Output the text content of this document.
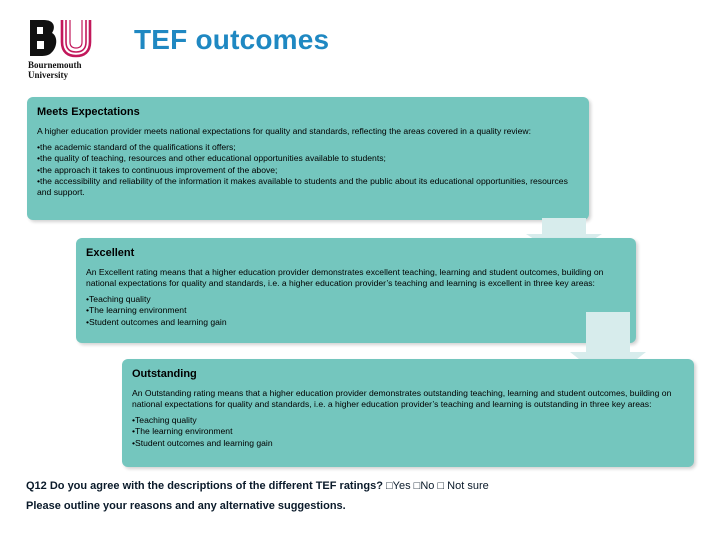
Bournemouth
University
TEF outcomes
Meets Expectations

A higher education provider meets national expectations for quality and standards, reflecting the areas covered in a quality review:

• the academic standard of the qualifications it offers;
• the quality of teaching, resources and other educational opportunities available to students;
• the approach it takes to continuous improvement of the above;
• the accessibility and reliability of the information it makes available to students and the public about its educational opportunities, resources and support.
Excellent

An Excellent rating means that a higher education provider demonstrates excellent teaching, learning and student outcomes, building on national expectations for quality and standards, i.e. a higher education provider’s teaching and learning is excellent in three key areas:

• Teaching quality
• The learning environment
• Student outcomes and learning gain
Outstanding

An Outstanding rating means that a higher education provider demonstrates outstanding teaching, learning and student outcomes, building on national expectations for quality and standards, i.e. a higher education provider’s teaching and learning is outstanding in three key areas:

• Teaching quality
• The learning environment
• Student outcomes and learning gain
Q12 Do you agree with the descriptions of the different TEF ratings? □Yes □No □ Not sure
Please outline your reasons and any alternative suggestions.
